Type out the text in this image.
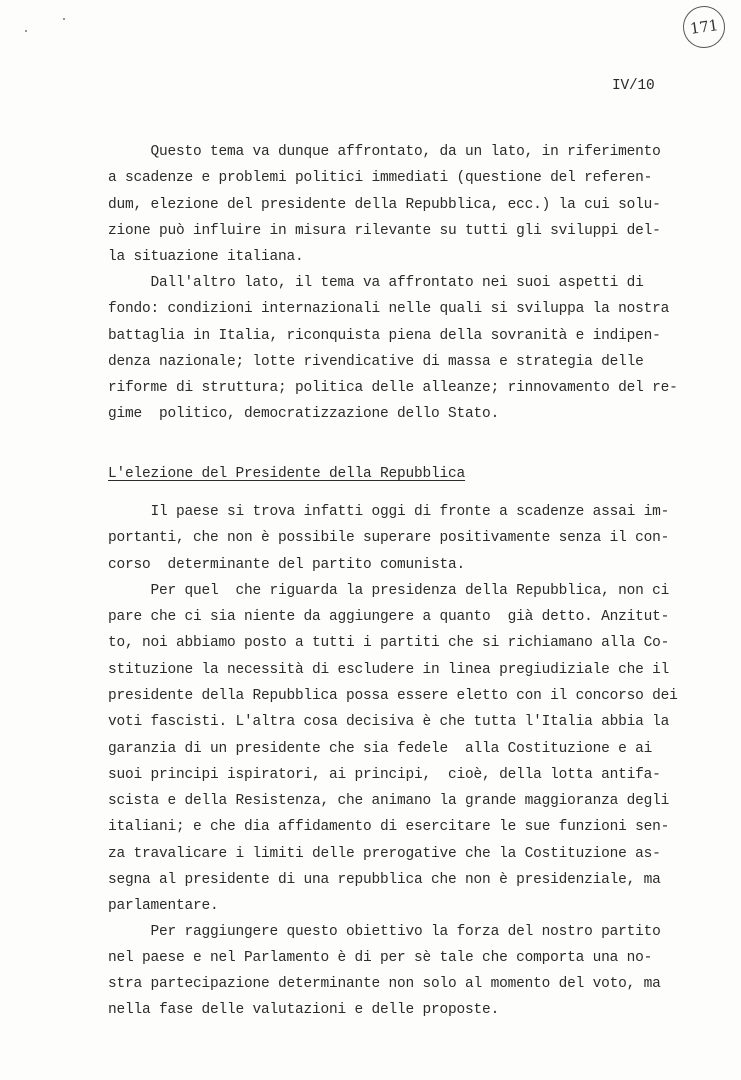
171
IV/10
Questo tema va dunque affrontato, da un lato, in riferimento
a scadenze e problemi politici immediati (questione del referen-
dum, elezione del presidente della Repubblica, ecc.) la cui solu-
zione può influire in misura rilevante su tutti gli sviluppi del-
la situazione italiana.
Dall'altro lato, il tema va affrontato nei suoi aspetti di
fondo: condizioni internazionali nelle quali si sviluppa la nostra
battaglia in Italia, riconquista piena della sovranità e indipen-
denza nazionale; lotte rivendicative di massa e strategia delle
riforme di struttura; politica delle alleanze; rinnovamento del re-
gime  politico, democratizzazione dello Stato.
L'elezione del Presidente della Repubblica
Il paese si trova infatti oggi di fronte a scadenze assai im-
portanti, che non è possibile superare positivamente senza il con-
corso  determinante del partito comunista.
Per quel  che riguarda la presidenza della Repubblica, non ci
pare che ci sia niente da aggiungere a quanto  già detto. Anzitut-
to, noi abbiamo posto a tutti i partiti che si richiamano alla Co-
stituzione la necessità di escludere in linea pregiudiziale che il
presidente della Repubblica possa essere eletto con il concorso dei
voti fascisti. L'altra cosa decisiva è che tutta l'Italia abbia la
garanzia di un presidente che sia fedele  alla Costituzione e ai
suoi principi ispiratori, ai principi,  cioè, della lotta antifa-
scista e della Resistenza, che animano la grande maggioranza degli
italiani; e che dia affidamento di esercitare le sue funzioni sen-
za travalicare i limiti delle prerogative che la Costituzione as-
segna al presidente di una repubblica che non è presidenziale, ma
parlamentare.
Per raggiungere questo obiettivo la forza del nostro partito
nel paese e nel Parlamento è di per sè tale che comporta una no-
stra partecipazione determinante non solo al momento del voto, ma
nella fase delle valutazioni e delle proposte.
